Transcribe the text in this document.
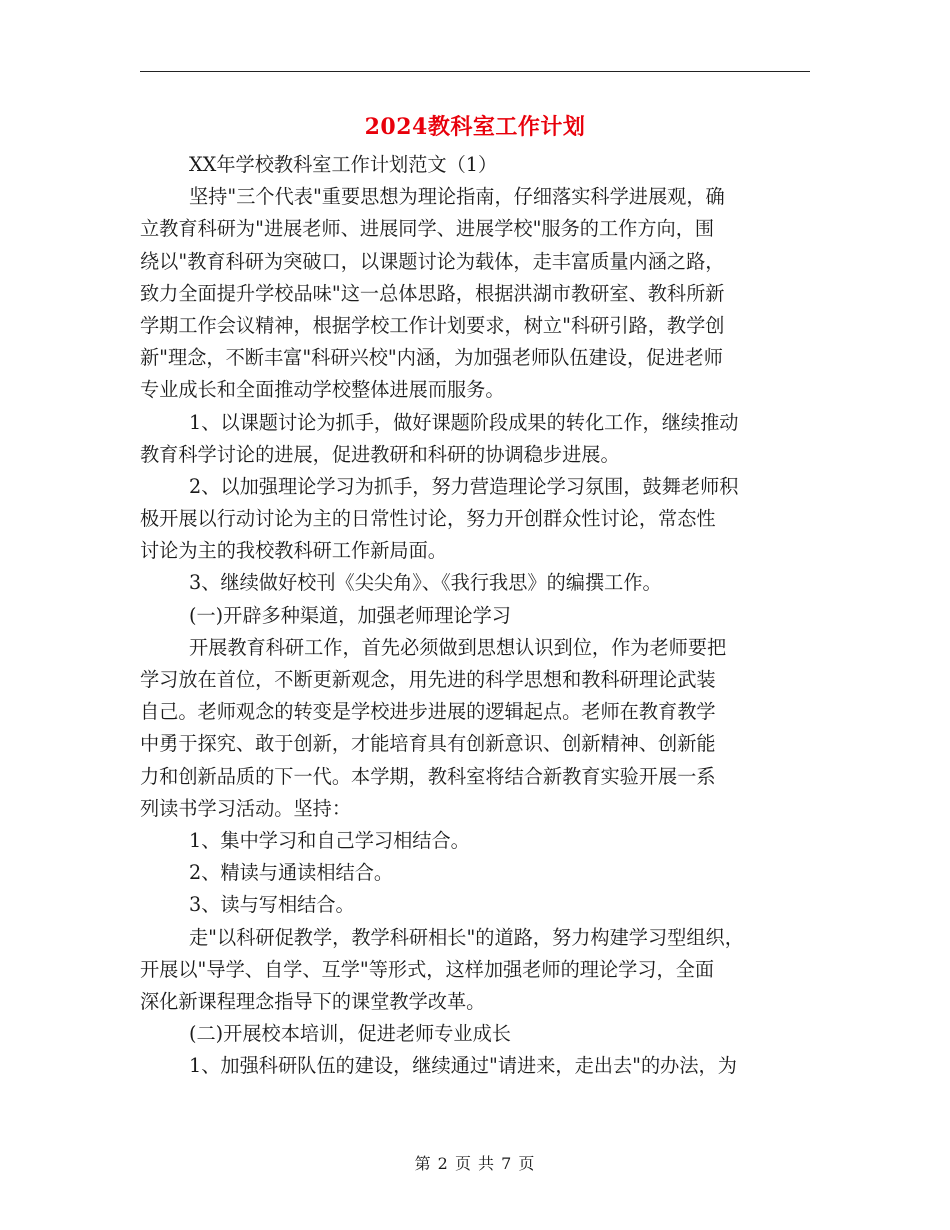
2024教科室工作计划
XX年学校教科室工作计划范文（1）
坚持"三个代表"重要思想为理论指南，仔细落实科学进展观，确
立教育科研为"进展老师、进展同学、进展学校"服务的工作方向，围
绕以"教育科研为突破口，以课题讨论为载体，走丰富质量内涵之路，
致力全面提升学校品味"这一总体思路，根据洪湖市教研室、教科所新
学期工作会议精神，根据学校工作计划要求，树立"科研引路，教学创
新"理念，不断丰富"科研兴校"内涵，为加强老师队伍建设，促进老师
专业成长和全面推动学校整体进展而服务。
1、以课题讨论为抓手，做好课题阶段成果的转化工作，继续推动
教育科学讨论的进展，促进教研和科研的协调稳步进展。
2、以加强理论学习为抓手，努力营造理论学习氛围，鼓舞老师积
极开展以行动讨论为主的日常性讨论，努力开创群众性讨论，常态性
讨论为主的我校教科研工作新局面。
3、继续做好校刊《尖尖角》、《我行我思》的编撰工作。
(一)开辟多种渠道，加强老师理论学习
开展教育科研工作，首先必须做到思想认识到位，作为老师要把
学习放在首位，不断更新观念，用先进的科学思想和教科研理论武装
自己。老师观念的转变是学校进步进展的逻辑起点。老师在教育教学
中勇于探究、敢于创新，才能培育具有创新意识、创新精神、创新能
力和创新品质的下一代。本学期，教科室将结合新教育实验开展一系
列读书学习活动。坚持：
1、集中学习和自己学习相结合。
2、精读与通读相结合。
3、读与写相结合。
走"以科研促教学，教学科研相长"的道路，努力构建学习型组织，
开展以"导学、自学、互学"等形式，这样加强老师的理论学习，全面
深化新课程理念指导下的课堂教学改革。
(二)开展校本培训，促进老师专业成长
1、加强科研队伍的建设，继续通过"请进来，走出去"的办法，为
第 2 页 共 7 页
